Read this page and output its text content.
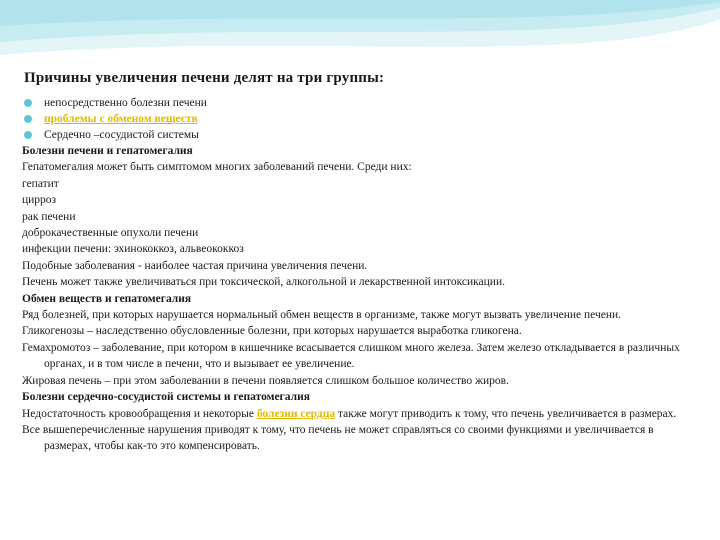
Причины увеличения печени делят на три группы:
непосредственно болезни печени
проблемы с обменом веществ
Сердечно –сосудистой системы
Болезни печени и гепатомегалия
Гепатомегалия может быть симптомом многих заболеваний печени. Среди них:
гепатит
цирроз
рак печени
доброкачественные опухоли печени
инфекции печени: эхинококкоз, альвеококкоз
Подобные заболевания - наиболее частая причина увеличения печени.
Печень может также увеличиваться при токсической, алкогольной и лекарственной интоксикации.
Обмен веществ и гепатомегалия
Ряд болезней, при которых нарушается нормальный обмен веществ в организме, также могут вызвать увеличение печени.
Гликогенозы – наследственно обусловленные болезни, при которых нарушается выработка гликогена.
Гемахромотоз – заболевание, при котором в кишечнике всасывается слишком много железа. Затем железо откладывается в различных органах, и в том числе в печени, что и вызывает ее увеличение.
Жировая печень – при этом заболевании в печени появляется слишком большое количество жиров.
Болезни сердечно-сосудистой системы и гепатомегалия
Недостаточность кровообращения и некоторые болезни сердца также могут приводить к тому, что печень увеличивается в размерах.
Все вышеперечисленные нарушения приводят к тому, что печень не может справляться со своими функциями и увеличивается в размерах, чтобы как-то это компенсировать.
